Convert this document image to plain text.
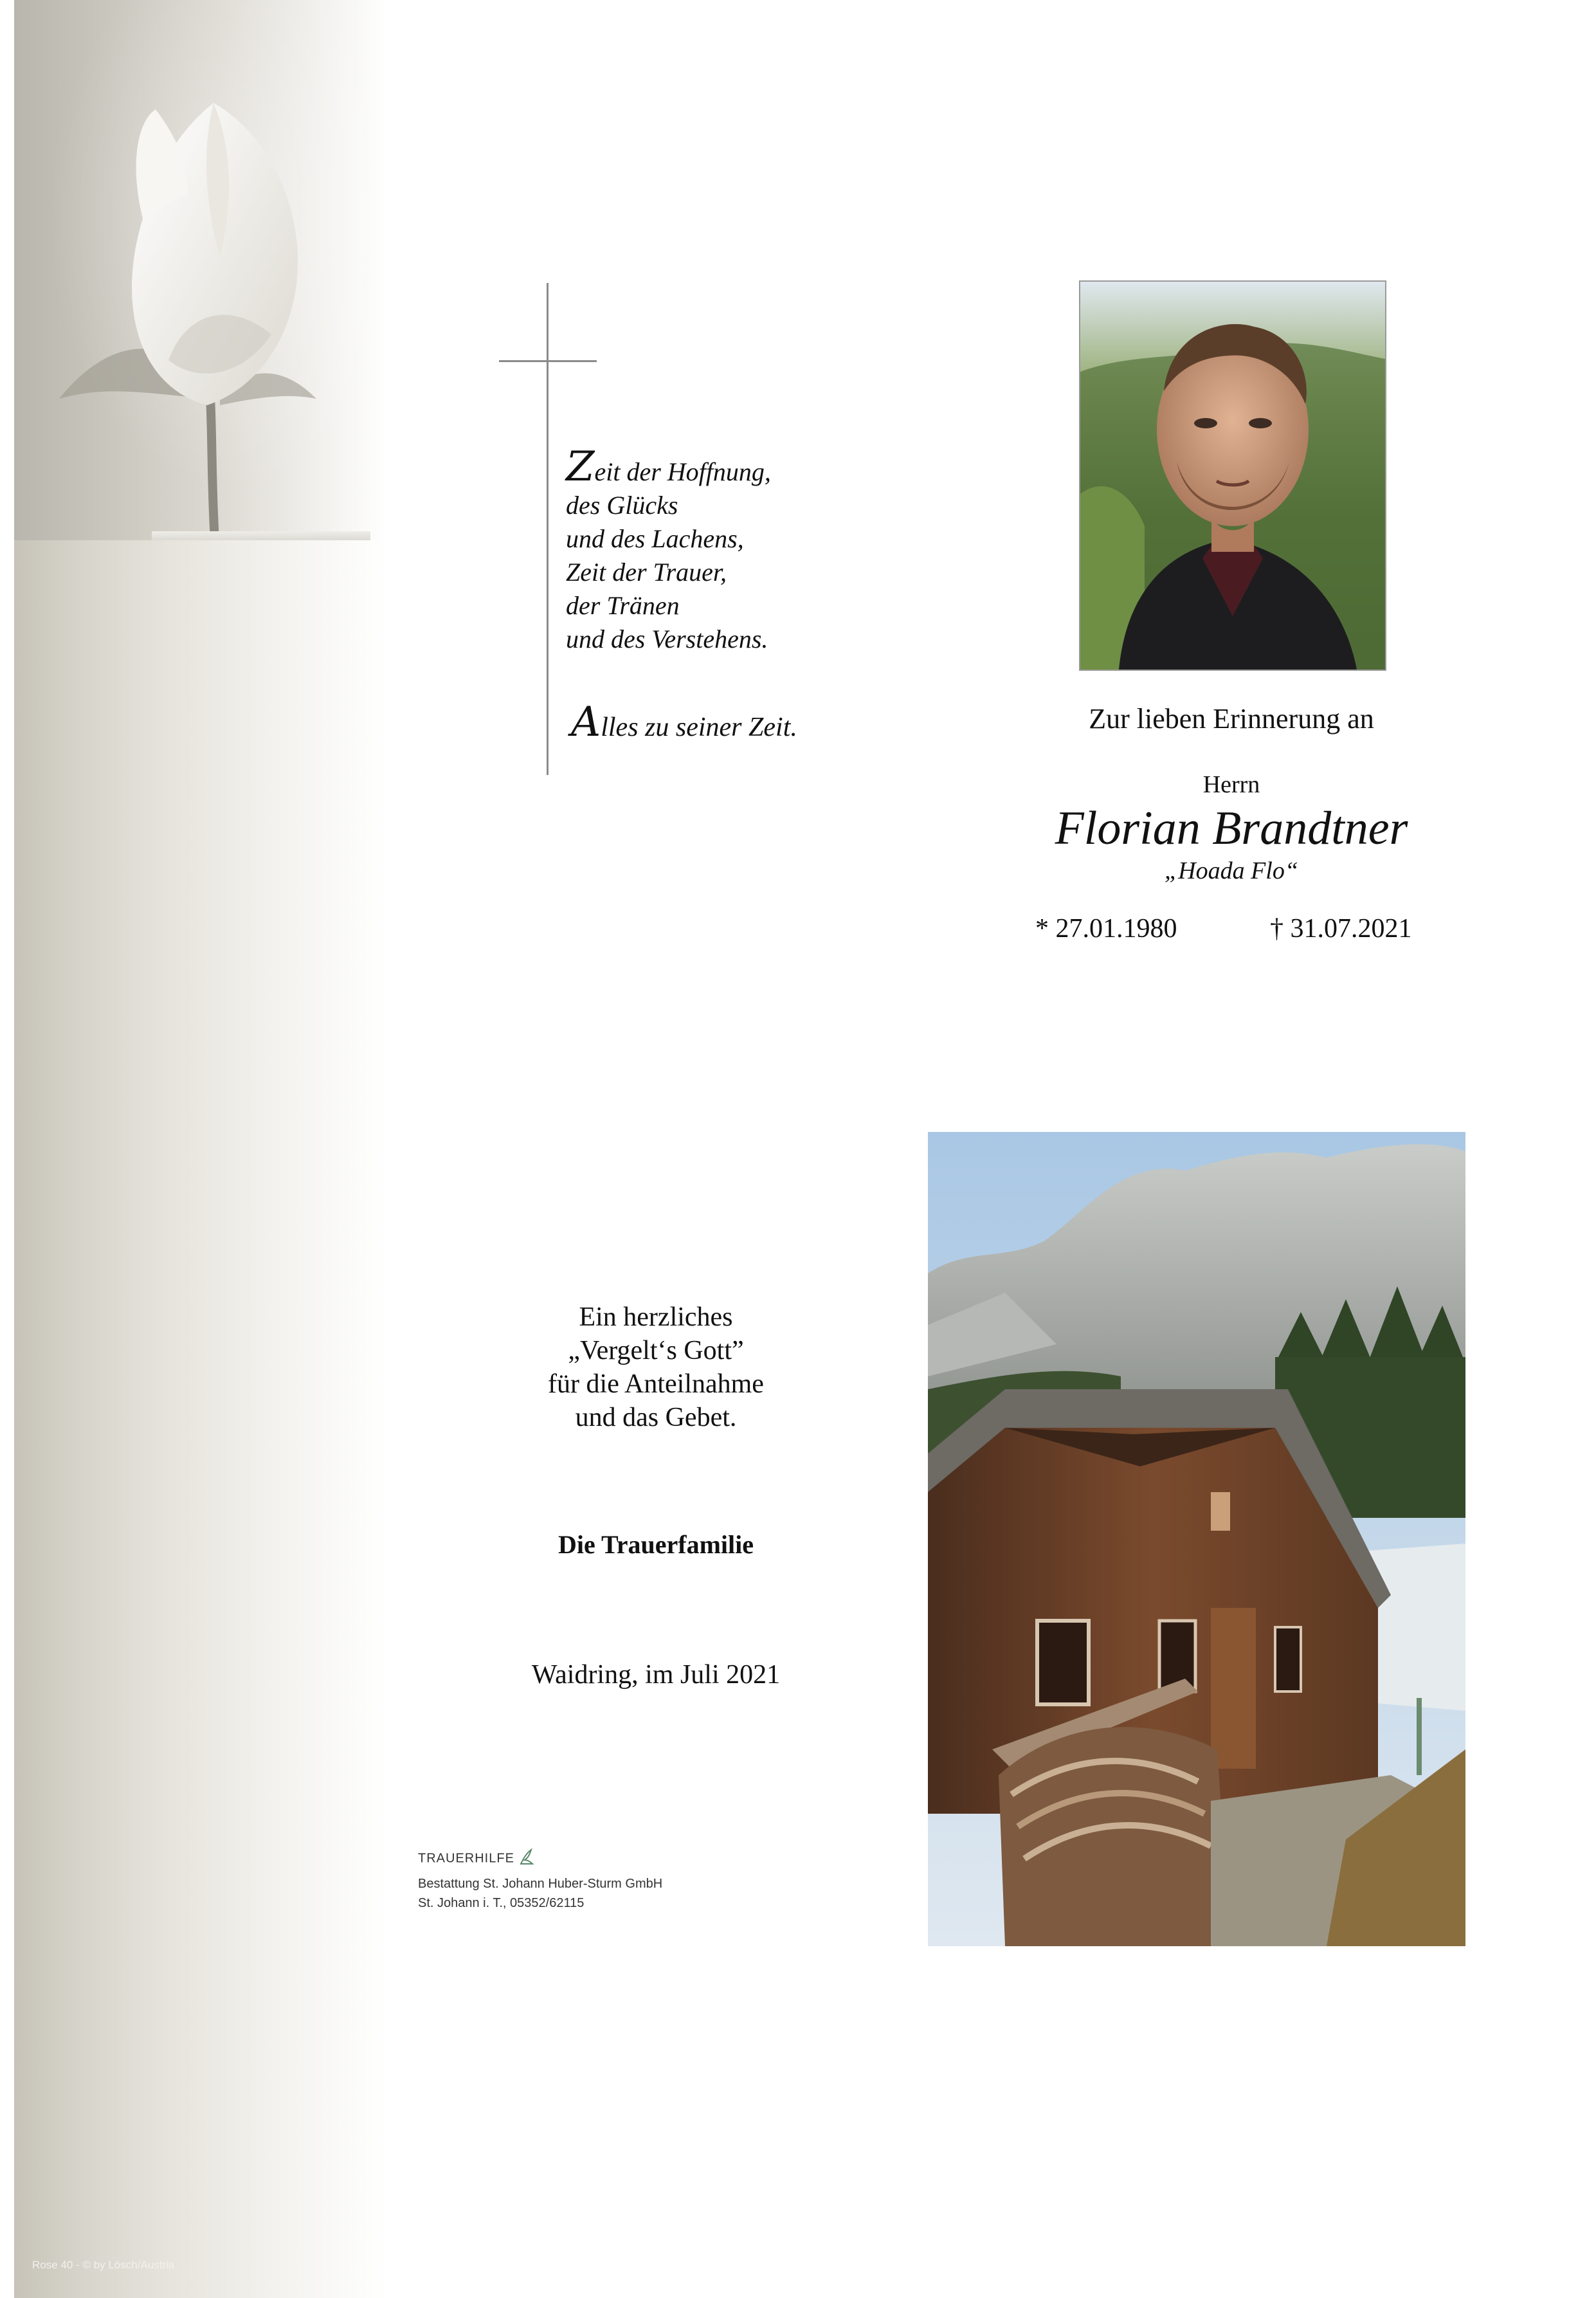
Rose 40 - © by Lösch/Austria
Zeit der Hoffnung,
des Glücks
und des Lachens,
Zeit der Trauer,
der Tränen
und des Verstehens.
Alles zu seiner Zeit.	Zur lieben Erinnerung an
Herrn
Florian Brandtner
„Hoada Flo“
* 27.01.1980	† 31.07.2021
Ein herzliches
„Vergelt‘s Gott”
für die Anteilnahme
und das Gebet.
Die Trauerfamilie
Waidring, im Juli 2021
TRAUERHILFE
Bestattung St. Johann Huber-Sturm GmbH
St. Johann i. T., 05352/62115
